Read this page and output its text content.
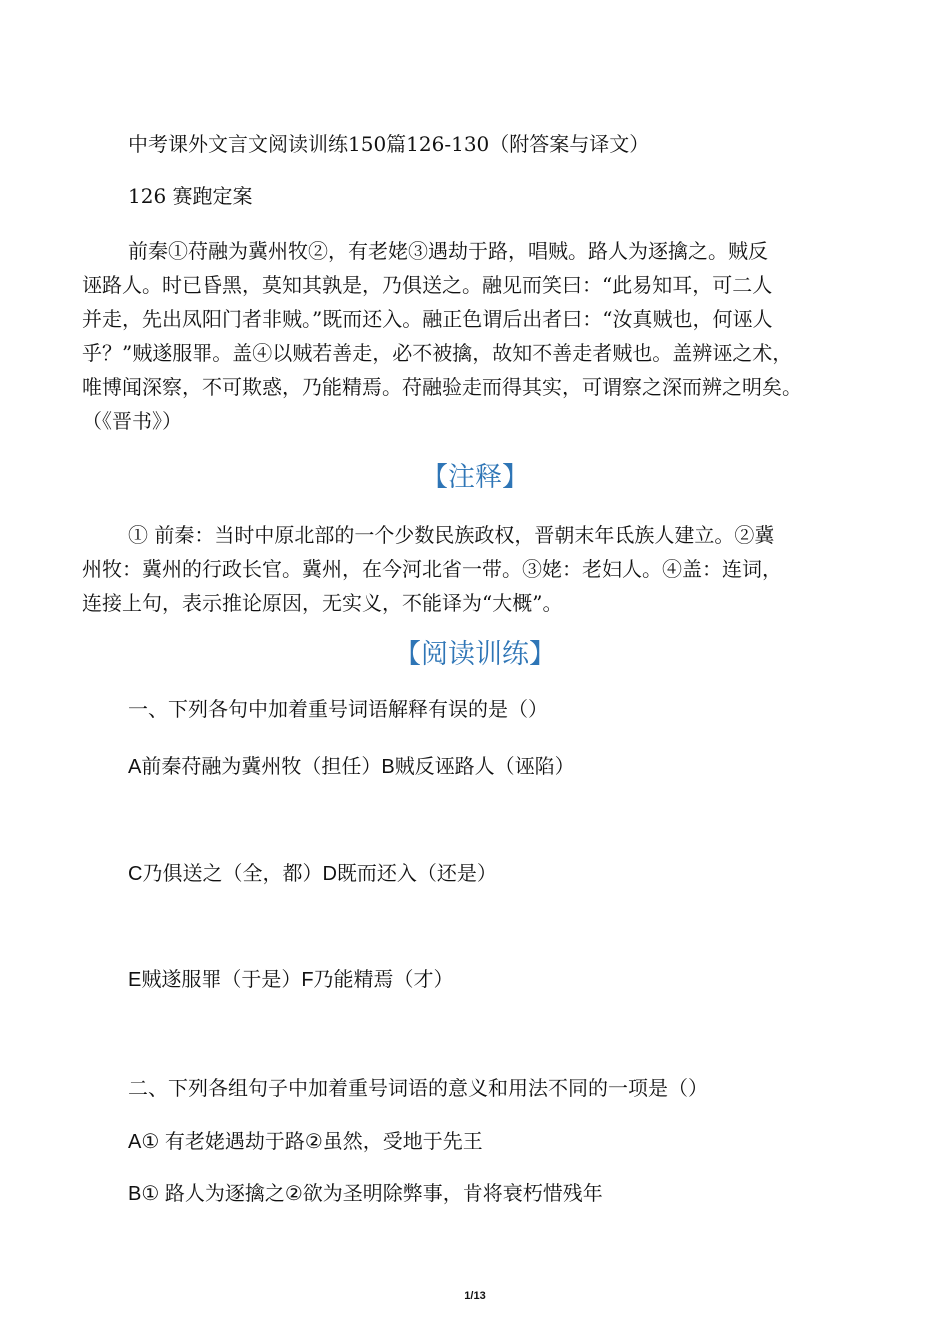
中考课外文言文阅读训练150篇126-130（附答案与译文）
126 赛跑定案

前秦①苻融为冀州牧②，有老姥③遇劫于路，唱贼。路人为逐擒之。贼反

诬路人。时已昏黑，莫知其孰是，乃俱送之。融见而笑曰：“此易知耳，可二人

并走，先出凤阳门者非贼。”既而还入。融正色谓后出者曰：“汝真贼也，何诬人

乎？”贼遂服罪。盖④以贼若善走，必不被擒，故知不善走者贼也。盖辨诬之术，

唯博闻深察，不可欺惑，乃能精焉。苻融验走而得其实，可谓察之深而辨之明矣。

（《晋书》）

【注释】

① 前秦：当时中原北部的一个少数民族政权，晋朝末年氐族人建立。②冀

州牧：冀州的行政长官。冀州，在今河北省一带。③姥：老妇人。④盖：连词，

连接上句，表示推论原因，无实义，不能译为“大概”。

【阅读训练】
一、下列各句中加着重号词语解释有误的是（）
A前秦苻融为冀州牧（担任）B贼反诬路人（诬陷）
C乃俱送之（全，都）D既而还入（还是）
E贼遂服罪（于是）F乃能精焉（才）
二、下列各组句子中加着重号词语的意义和用法不同的一项是（）
A① 有老姥遇劫于路②虽然，受地于先王
B① 路人为逐擒之②欲为圣明除弊事，肯将衰朽惜残年
1/13
